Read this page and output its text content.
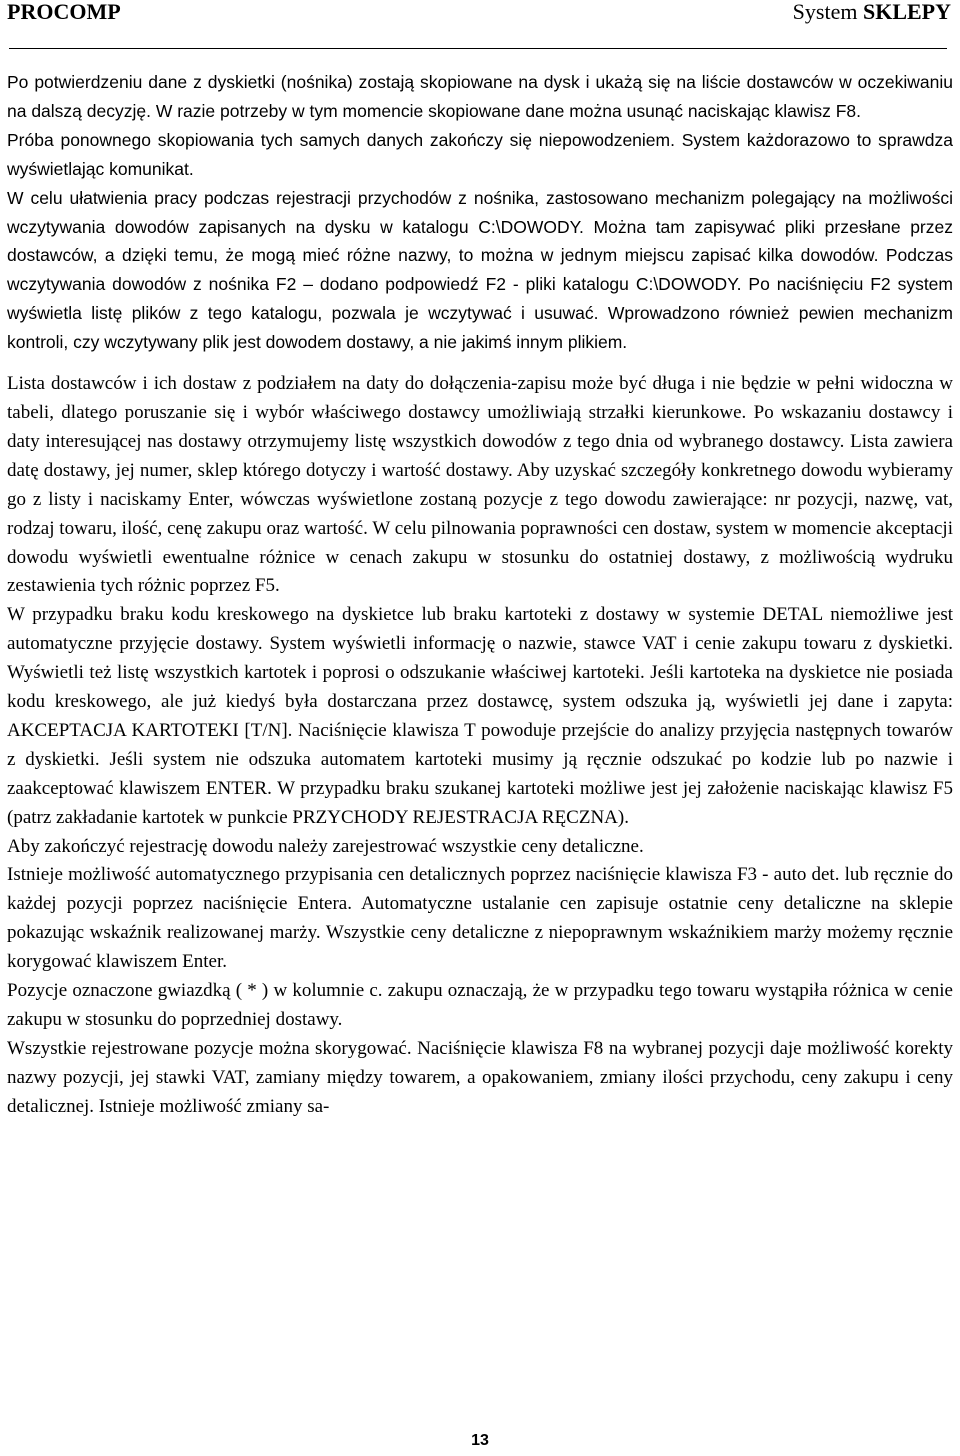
PROCOMP	System SKLEPY

Po potwierdzeniu dane z dyskietki (nośnika) zostają skopiowane na dysk i ukażą się na liście dostawców w oczekiwaniu na dalszą decyzję. W razie potrzeby w tym momencie skopiowane dane można usunąć naciskając klawisz F8.

Próba ponownego skopiowania tych samych danych zakończy się niepowodzeniem. System każdorazowo to sprawdza wyświetlając komunikat.

W celu ułatwienia pracy podczas rejestracji przychodów z nośnika, zastosowano mechanizm polegający na możliwości wczytywania dowodów zapisanych na dysku w katalogu C:\DOWODY. Można tam zapisywać pliki przesłane przez dostawców, a dzięki temu, że mogą mieć różne nazwy, to można w jednym miejscu zapisać kilka dowodów. Podczas wczytywania dowodów z nośnika F2 – dodano podpowiedź F2 - pliki katalogu C:\DOWODY. Po naciśnięciu F2 system wyświetla listę plików z tego katalogu, pozwala je wczytywać i usuwać. Wprowadzono również pewien mechanizm kontroli, czy wczytywany plik jest dowodem dostawy, a nie jakimś innym plikiem.

Lista dostawców i ich dostaw z podziałem na daty do dołączenia-zapisu może być długa i nie będzie w pełni widoczna w tabeli, dlatego poruszanie się i wybór właściwego dostawcy umożliwiają strzałki kierunkowe. Po wskazaniu dostawcy i daty interesującej nas dostawy otrzymujemy listę wszystkich dowodów z tego dnia od wybranego dostawcy. Lista zawiera datę dostawy, jej numer, sklep którego dotyczy i wartość dostawy. Aby uzyskać szczegóły konkretnego dowodu wybieramy go z listy i naciskamy Enter, wówczas wyświetlone zostaną pozycje z tego dowodu zawierające: nr pozycji, nazwę, vat, rodzaj towaru, ilość, cenę zakupu oraz wartość. W celu pilnowania poprawności cen dostaw, system w momencie akceptacji dowodu wyświetli ewentualne różnice w cenach zakupu w stosunku do ostatniej dostawy, z możliwością wydruku zestawienia tych różnic poprzez F5.

W przypadku braku kodu kreskowego na dyskietce lub braku kartoteki z dostawy w systemie DETAL niemożliwe jest automatyczne przyjęcie dostawy. System wyświetli informację o nazwie, stawce VAT i cenie zakupu towaru z dyskietki. Wyświetli też listę wszystkich kartotek i poprosi o odszukanie właściwej kartoteki. Jeśli kartoteka na dyskietce nie posiada kodu kreskowego, ale już kiedyś była dostarczana przez dostawcę, system odszuka ją, wyświetli jej dane i zapyta: AKCEPTACJA KARTOTEKI [T/N]. Naciśnięcie klawisza T powoduje przejście do analizy przyjęcia następnych towarów z dyskietki. Jeśli system nie odszuka automatem kartoteki musimy ją ręcznie odszukać po kodzie lub po nazwie i zaakceptować klawiszem ENTER. W przypadku braku szukanej kartoteki możliwe jest jej założenie naciskając klawisz F5 (patrz zakładanie kartotek w punkcie PRZYCHODY REJESTRACJA RĘCZNA).

Aby zakończyć rejestrację dowodu należy zarejestrować wszystkie ceny detaliczne.

Istnieje możliwość automatycznego przypisania cen detalicznych poprzez naciśnięcie klawisza F3 - auto det. lub ręcznie do każdej pozycji poprzez naciśnięcie Entera. Automatyczne ustalanie cen zapisuje ostatnie ceny detaliczne na sklepie pokazując wskaźnik realizowanej marży. Wszystkie ceny detaliczne z niepoprawnym wskaźnikiem marży możemy ręcznie korygować klawiszem Enter.

Pozycje oznaczone gwiazdką ( * ) w kolumnie c. zakupu oznaczają, że w przypadku tego towaru wystąpiła różnica w cenie zakupu w stosunku do poprzedniej dostawy.

Wszystkie rejestrowane pozycje można skorygować. Naciśnięcie klawisza F8 na wybranej pozycji daje możliwość korekty nazwy pozycji, jej stawki VAT, zamiany między towarem, a opakowaniem, zmiany ilości przychodu, ceny zakupu i ceny detalicznej. Istnieje możliwość zmiany sa-

13
